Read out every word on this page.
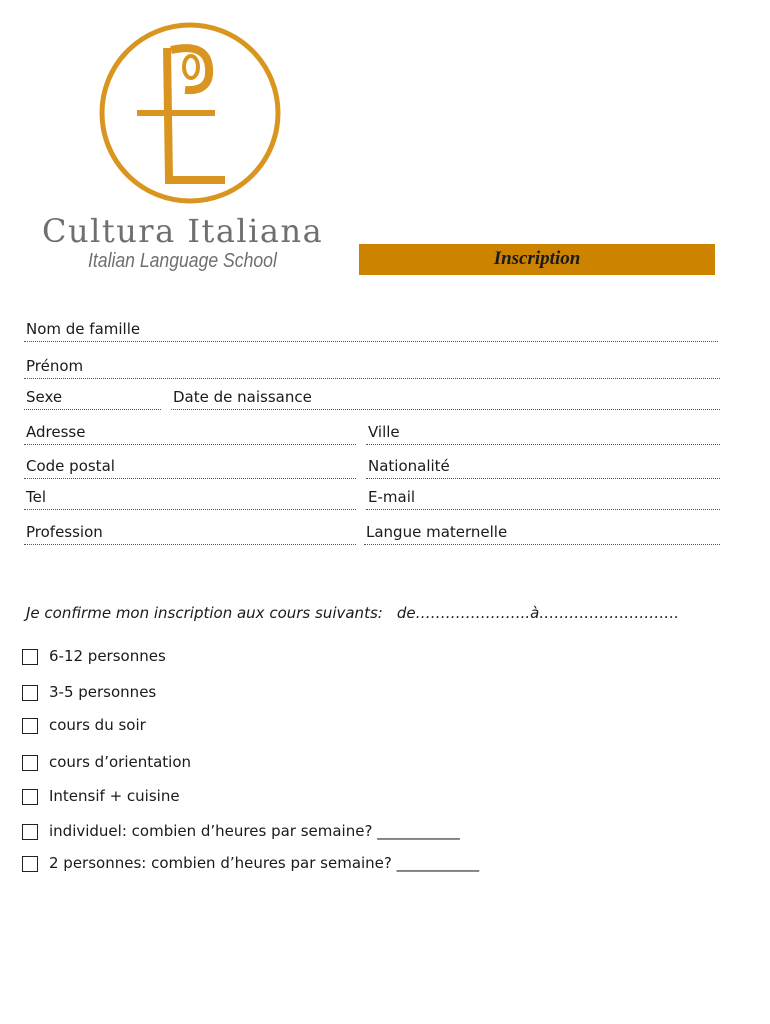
Cultura Italiana
Italian Language School	Inscription
Nom de famille
Prénom
Sexe	Date de naissance
Adresse	Ville
Code postal	Nationalité
Tel	E-mail
Profession	Langue maternelle
Je confirme mon inscription aux cours suivants: de…………………..à……………………….
6-12 personnes
3-5 personnes
cours du soir
cours d’orientation
Intensif + cuisine
individuel: combien d’heures par semaine? ___________
2 personnes: combien d’heures par semaine? ___________
